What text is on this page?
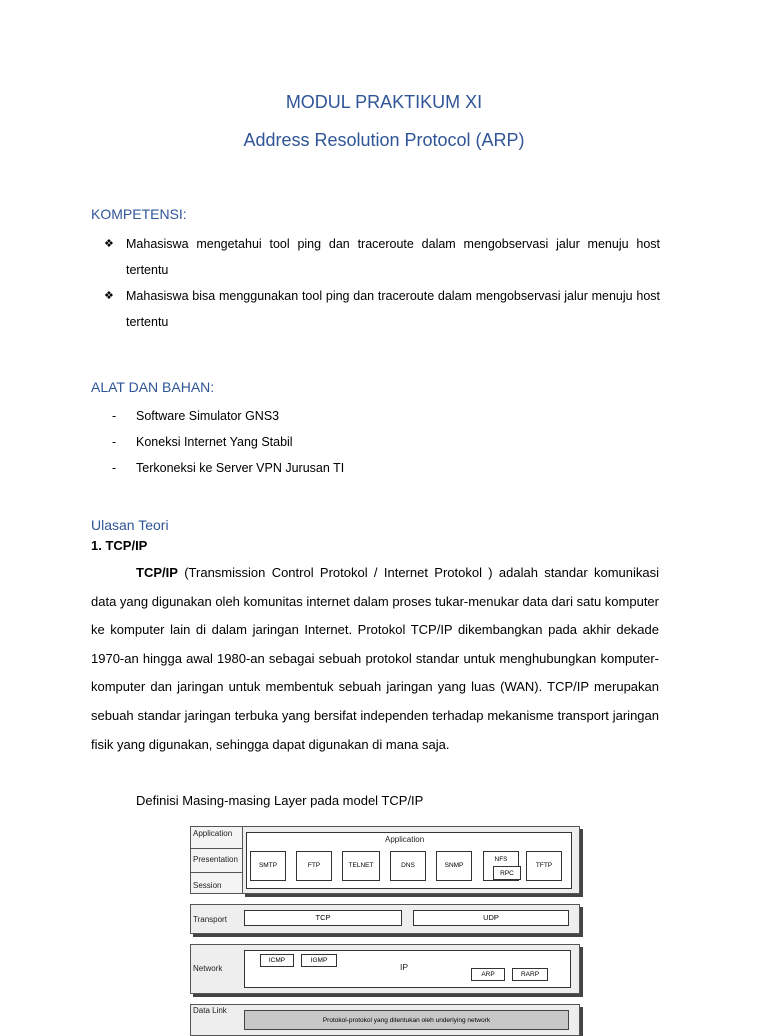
MODUL PRAKTIKUM XI
Address Resolution Protocol (ARP)
KOMPETENSI:
❖ Mahasiswa mengetahui tool ping dan traceroute dalam mengobservasi jalur menuju host tertentu
❖ Mahasiswa bisa menggunakan tool ping dan traceroute dalam mengobservasi jalur menuju host tertentu
ALAT DAN BAHAN:
- Software Simulator GNS3
- Koneksi Internet Yang Stabil
- Terkoneksi ke Server VPN Jurusan TI
Ulasan Teori
1. TCP/IP
TCP/IP (Transmission Control Protokol / Internet Protokol ) adalah standar komunikasi data yang digunakan oleh komunitas internet dalam proses tukar-menukar data dari satu komputer ke komputer lain di dalam jaringan Internet. Protokol TCP/IP dikembangkan pada akhir dekade 1970-an hingga awal 1980-an sebagai sebuah protokol standar untuk menghubungkan komputer-komputer dan jaringan untuk membentuk sebuah jaringan yang luas (WAN). TCP/IP merupakan sebuah standar jaringan terbuka yang bersifat independen terhadap mekanisme transport jaringan fisik yang digunakan, sehingga dapat digunakan di mana saja.
Definisi Masing-masing Layer pada model TCP/IP
Application
Presentation
Session
Application
SMTP	FTP	TELNET	DNS	SNMP
NFS
RPC
TFTP
Transport	TCP	UDP
Network
ICMP	IGMP
IP
ARP	RARP
Data Link
Protokol-protokol yang ditentukan oleh underlying network
